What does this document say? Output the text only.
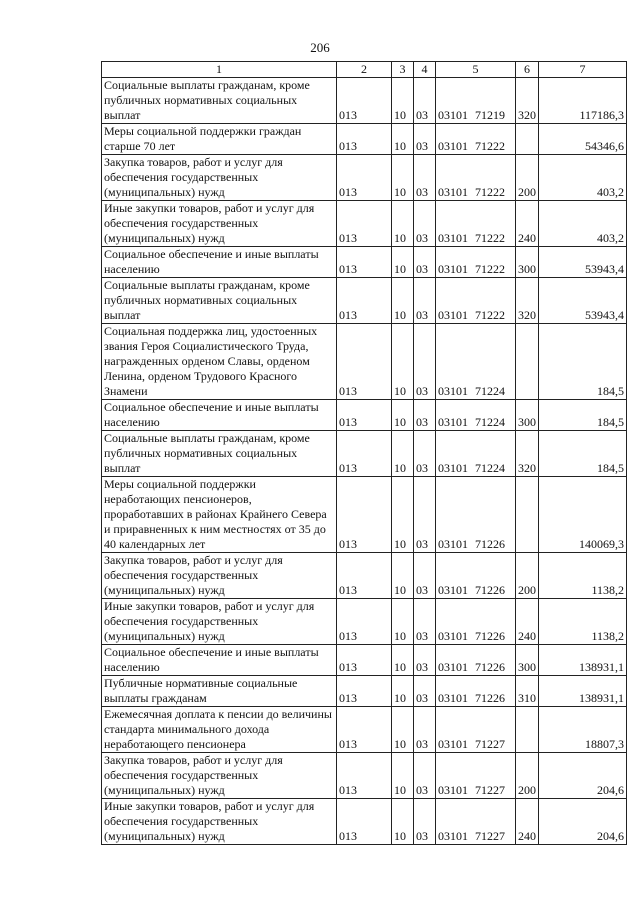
206
1	2	3	4	5	6	7
Социальные выплаты гражданам, кроме публичных нормативных социальных выплат	013	10	03	03101 71219	320	117186,3
Меры социальной поддержки граждан старше 70 лет	013	10	03	03101 71222		54346,6
Закупка товаров, работ и услуг для обеспечения государственных (муниципальных) нужд	013	10	03	03101 71222	200	403,2
Иные закупки товаров, работ и услуг для обеспечения государственных (муниципальных) нужд	013	10	03	03101 71222	240	403,2
Социальное обеспечение и иные выплаты населению	013	10	03	03101 71222	300	53943,4
Социальные выплаты гражданам, кроме публичных нормативных социальных выплат	013	10	03	03101 71222	320	53943,4
Социальная поддержка лиц, удостоенных звания Героя Социалистического Труда, награжденных орденом Славы, орденом Ленина, орденом Трудового Красного Знамени	013	10	03	03101 71224		184,5
Социальное обеспечение и иные выплаты населению	013	10	03	03101 71224	300	184,5
Социальные выплаты гражданам, кроме публичных нормативных социальных выплат	013	10	03	03101 71224	320	184,5
Меры социальной поддержки неработающих пенсионеров, проработавших в районах Крайнего Севера и приравненных к ним местностях от 35 до 40 календарных лет	013	10	03	03101 71226		140069,3
Закупка товаров, работ и услуг для обеспечения государственных (муниципальных) нужд	013	10	03	03101 71226	200	1138,2
Иные закупки товаров, работ и услуг для обеспечения государственных (муниципальных) нужд	013	10	03	03101 71226	240	1138,2
Социальное обеспечение и иные выплаты населению	013	10	03	03101 71226	300	138931,1
Публичные нормативные социальные выплаты гражданам	013	10	03	03101 71226	310	138931,1
Ежемесячная доплата к пенсии до величины стандарта минимального дохода неработающего пенсионера	013	10	03	03101 71227		18807,3
Закупка товаров, работ и услуг для обеспечения государственных (муниципальных) нужд	013	10	03	03101 71227	200	204,6
Иные закупки товаров, работ и услуг для обеспечения государственных (муниципальных) нужд	013	10	03	03101 71227	240	204,6
